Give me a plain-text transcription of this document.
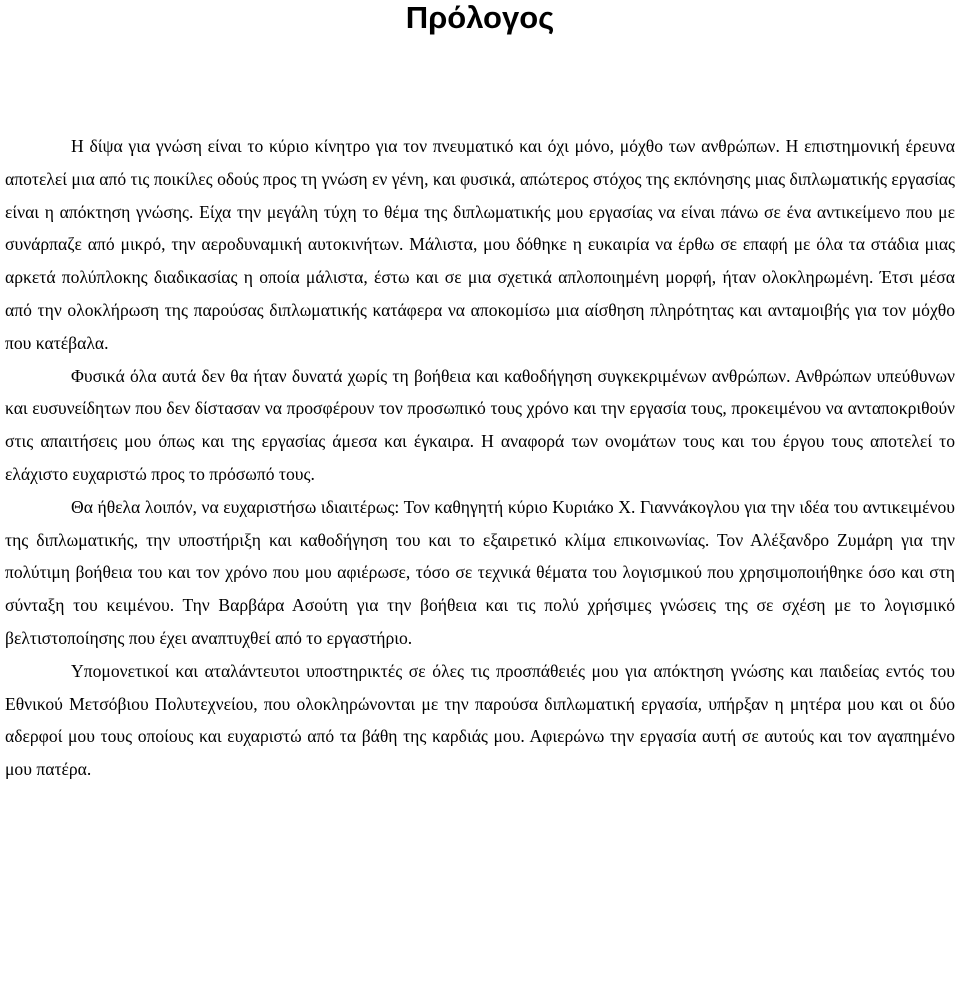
Πρόλογος

Η δίψα για γνώση είναι το κύριο κίνητρο για τον πνευματικό και όχι μόνο, μόχθο των ανθρώπων. Η επιστημονική έρευνα αποτελεί μια από τις ποικίλες οδούς προς τη γνώση εν γένη, και φυσικά, απώτερος στόχος της εκπόνησης μιας διπλωματικής εργασίας είναι η απόκτηση γνώσης. Είχα την μεγάλη τύχη το θέμα της διπλωματικής μου εργασίας να είναι πάνω σε ένα αντικείμενο που με συνάρπαζε από μικρό, την αεροδυναμική αυτοκινήτων. Μάλιστα, μου δόθηκε η ευκαιρία να έρθω σε επαφή με όλα τα στάδια μιας αρκετά πολύπλοκης διαδικασίας η οποία μάλιστα, έστω και σε μια σχετικά απλοποιημένη μορφή, ήταν ολοκληρωμένη. Έτσι μέσα από την ολοκλήρωση της παρούσας διπλωματικής κατάφερα να αποκομίσω μια αίσθηση πληρότητας και ανταμοιβής για τον μόχθο που κατέβαλα.

Φυσικά όλα αυτά δεν θα ήταν δυνατά χωρίς τη βοήθεια και καθοδήγηση συγκεκριμένων ανθρώπων. Ανθρώπων υπεύθυνων και ευσυνείδητων που δεν δίστασαν να προσφέρουν τον προσωπικό τους χρόνο και την εργασία τους, προκειμένου να ανταποκριθούν στις απαιτήσεις μου όπως και της εργασίας άμεσα και έγκαιρα. Η αναφορά των ονομάτων τους και του έργου τους αποτελεί το ελάχιστο ευχαριστώ προς το πρόσωπό τους.

Θα ήθελα λοιπόν, να ευχαριστήσω ιδιαιτέρως: Τον καθηγητή κύριο Κυριάκο Χ. Γιαννάκογλου για την ιδέα του αντικειμένου της διπλωματικής, την υποστήριξη και καθοδήγηση του και το εξαιρετικό κλίμα επικοινωνίας. Τον Αλέξανδρο Ζυμάρη για την πολύτιμη βοήθεια του και τον χρόνο που μου αφιέρωσε, τόσο σε τεχνικά θέματα του λογισμικού που χρησιμοποιήθηκε όσο και στη σύνταξη του κειμένου. Την Βαρβάρα Ασούτη για την βοήθεια και τις πολύ χρήσιμες γνώσεις της σε σχέση με το λογισμικό βελτιστοποίησης που έχει αναπτυχθεί από το εργαστήριο.

Υπομονετικοί και αταλάντευτοι υποστηρικτές σε όλες τις προσπάθειές μου για απόκτηση γνώσης και παιδείας εντός του Εθνικού Μετσόβιου Πολυτεχνείου, που ολοκληρώνονται με την παρούσα διπλωματική εργασία, υπήρξαν η μητέρα μου και οι δύο αδερφοί μου τους οποίους και ευχαριστώ από τα βάθη της καρδιάς μου. Αφιερώνω την εργασία αυτή σε αυτούς και τον αγαπημένο μου πατέρα.
